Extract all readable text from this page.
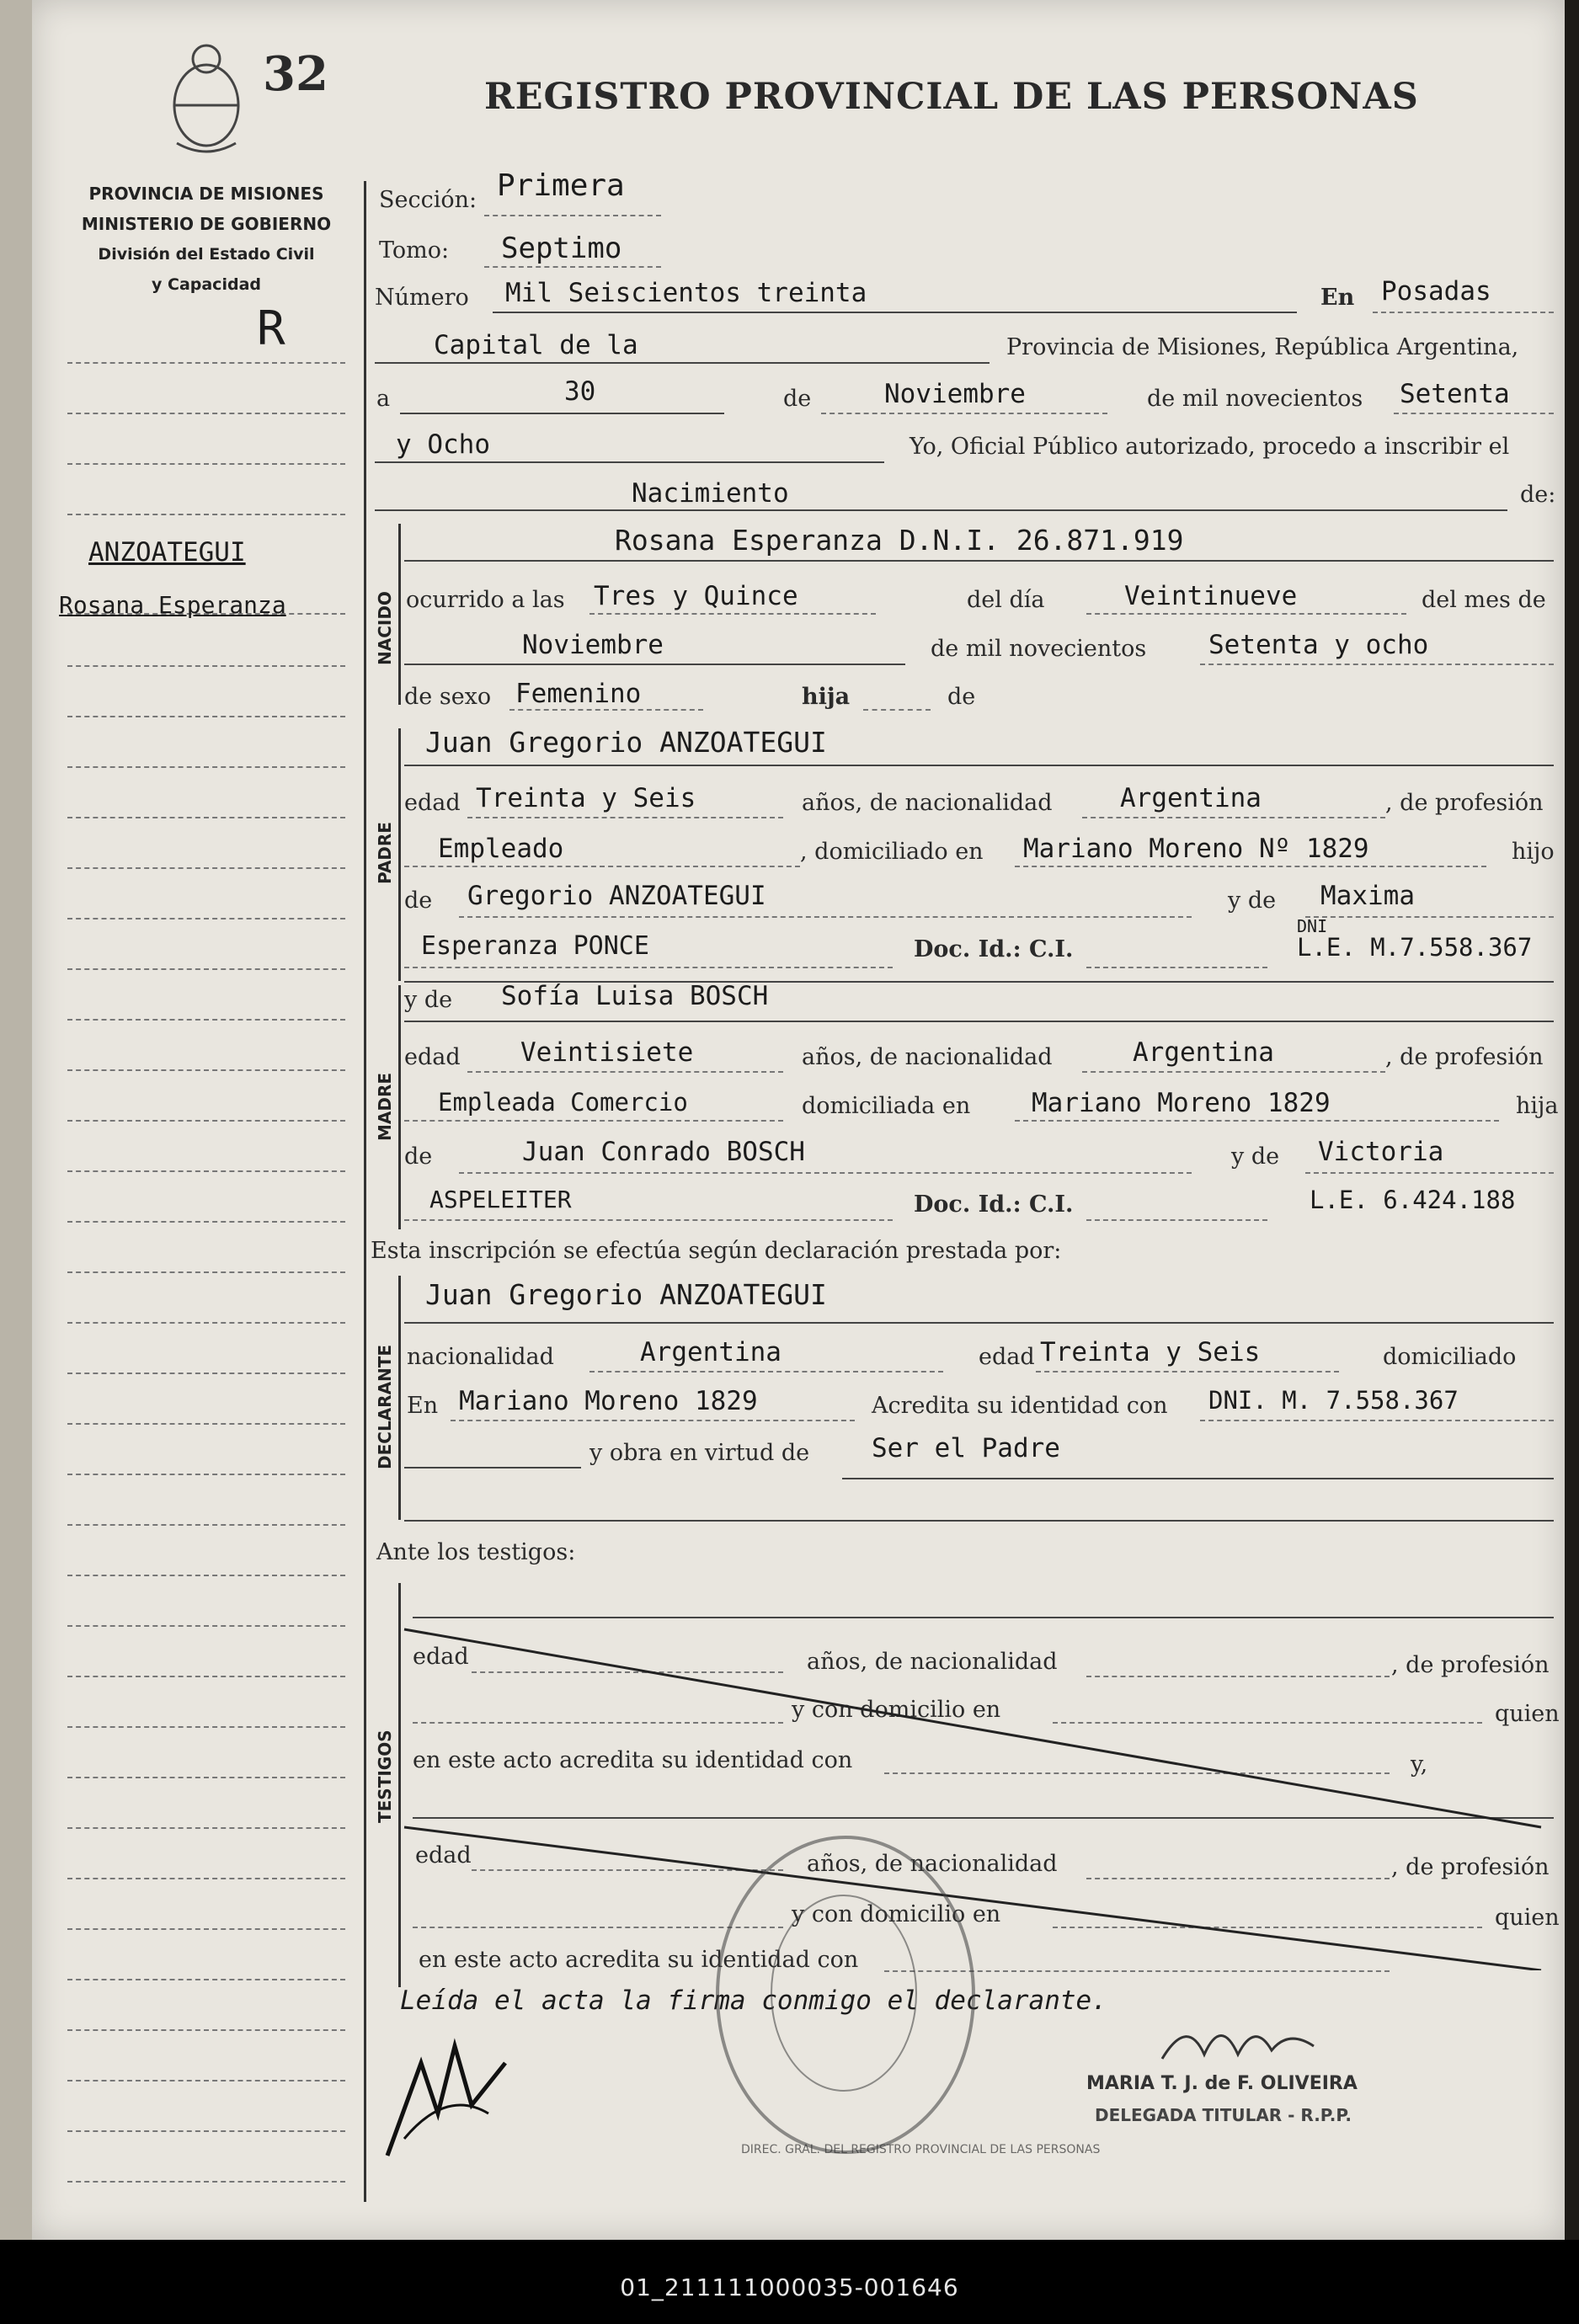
32	REGISTRO PROVINCIAL DE LAS PERSONAS
PROVINCIA DE MISIONES
MINISTERIO DE GOBIERNO
División del Estado Civil
y Capacidad
R
ANZOATEGUI
Rosana Esperanza
Sección: Primera
Tomo: Septimo
Número Mil Seiscientos treinta	En Posadas
Capital de la	Provincia de Misiones, República Argentina,
a	30	de	Noviembre	de mil novecientos Setenta
y Ocho	Yo, Oficial Público autorizado, procedo a inscribir el
Nacimiento	de:
NACIDO
Rosana Esperanza D.N.I. 26.871.919
ocurrido a las Tres y Quince	del día	Veintinueve	del mes de
Noviembre	de mil novecientos Setenta y ocho
de sexo Femenino	hija	de
PADRE
Juan Gregorio ANZOATEGUI
edad Treinta y Seis	años, de nacionalidad	Argentina	, de profesión
Empleado	, domiciliado en Mariano Moreno Nº 1829	hijo
de Gregorio ANZOATEGUI	y de Maxima
Esperanza PONCE	Doc. Id.: C.I.
DNI
L.E. M.7.558.367
MADRE
y de Sofía Luisa BOSCH
edad Veintisiete	años, de nacionalidad	Argentina	, de profesión
Empleada Comercio	domiciliada en Mariano Moreno 1829	hija
de	Juan Conrado BOSCH	y de Victoria
ASPELEITER	Doc. Id.: C.I.	L.E. 6.424.188
Esta inscripción se efectúa según declaración prestada por:
DECLARANTE
Juan Gregorio ANZOATEGUI
nacionalidad	Argentina	edad Treinta y Seis	domiciliado
En Mariano Moreno 1829	Acredita su identidad con DNI. M. 7.558.367
y obra en virtud de Ser el Padre
Ante los testigos:
TESTIGOS
edad	años, de nacionalidad	, de profesión
y con domicilio en	quien
en este acto acredita su identidad con	y,
edad	años, de nacionalidad	, de profesión
y con domicilio en	quien
en este acto acredita su identidad con
Leída el acta la firma conmigo el declarante.
DIREC. GRAL. DEL REGISTRO PROVINCIAL DE LAS PERSONAS
MARIA T. J. de F. OLIVEIRA
DELEGADA TITULAR - R.P.P.
01_211111000035-001646
